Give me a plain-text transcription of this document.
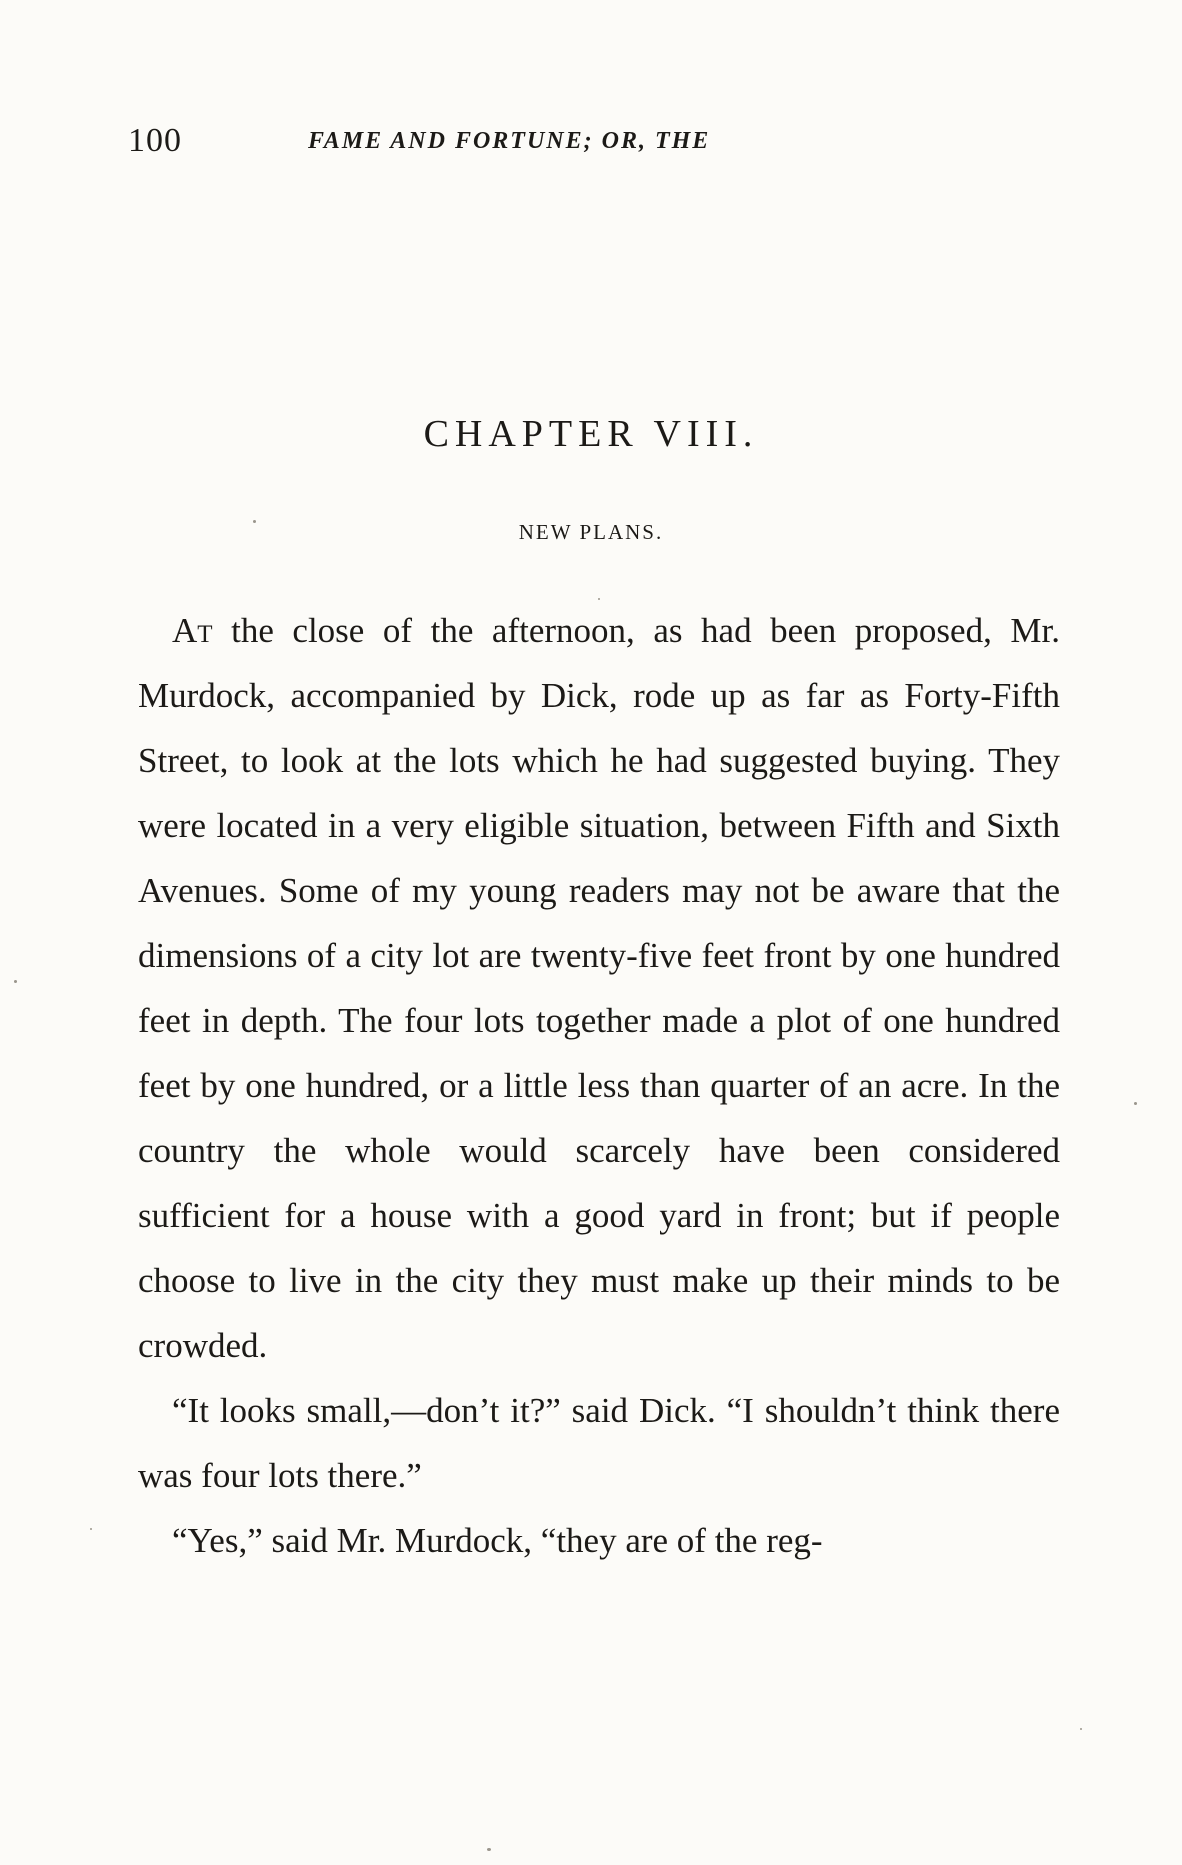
100	FAME AND FORTUNE; OR, THE
CHAPTER VIII.
NEW PLANS.

At the close of the afternoon, as had been proposed, Mr. Murdock, accompanied by Dick, rode up as far as Forty-Fifth Street, to look at the lots which he had suggested buying. They were located in a very eligible situation, between Fifth and Sixth Avenues. Some of my young readers may not be aware that the dimensions of a city lot are twenty-five feet front by one hundred feet in depth. The four lots together made a plot of one hundred feet by one hundred, or a little less than quarter of an acre. In the country the whole would scarcely have been considered sufficient for a house with a good yard in front; but if people choose to live in the city they must make up their minds to be crowded.

“It looks small,—don’t it?” said Dick. “I shouldn’t think there was four lots there.”

“Yes,” said Mr. Murdock, “they are of the reg-
